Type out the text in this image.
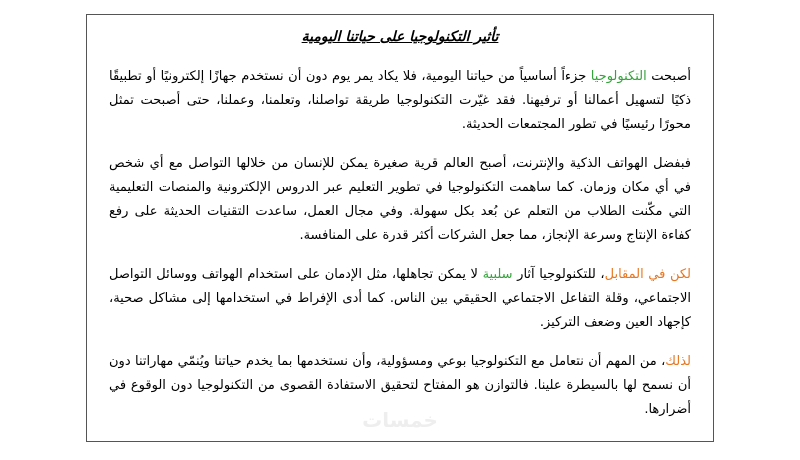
تأثير التكنولوجيا على حياتنا اليومية

أصبحت التكنولوجيا جزءاً أساسياً من حياتنا اليومية، فلا يكاد يمر يوم دون أن نستخدم جهازًا إلكترونيًا أو تطبيقًا ذكيًا لتسهيل أعمالنا أو ترفيهنا. فقد غيّرت التكنولوجيا طريقة تواصلنا، وتعلمنا، وعملنا، حتى أصبحت تمثل محورًا رئيسيًا في تطور المجتمعات الحديثة.

فبفضل الهواتف الذكية والإنترنت، أصبح العالم قرية صغيرة يمكن للإنسان من خلالها التواصل مع أي شخص في أي مكان وزمان. كما ساهمت التكنولوجيا في تطوير التعليم عبر الدروس الإلكترونية والمنصات التعليمية التي مكّنت الطلاب من التعلم عن بُعد بكل سهولة. وفي مجال العمل، ساعدت التقنيات الحديثة على رفع كفاءة الإنتاج وسرعة الإنجاز، مما جعل الشركات أكثر قدرة على المنافسة.

لكن في المقابل، للتكنولوجيا آثار سلبية لا يمكن تجاهلها، مثل الإدمان على استخدام الهواتف ووسائل التواصل الاجتماعي، وقلة التفاعل الاجتماعي الحقيقي بين الناس. كما أدى الإفراط في استخدامها إلى مشاكل صحية، كإجهاد العين وضعف التركيز.

لذلك، من المهم أن نتعامل مع التكنولوجيا بوعي ومسؤولية، وأن نستخدمها بما يخدم حياتنا ويُنمّي مهاراتنا دون أن نسمح لها بالسيطرة علينا. فالتوازن هو المفتاح لتحقيق الاستفادة القصوى من التكنولوجيا دون الوقوع في أضرارها.

خمسات
